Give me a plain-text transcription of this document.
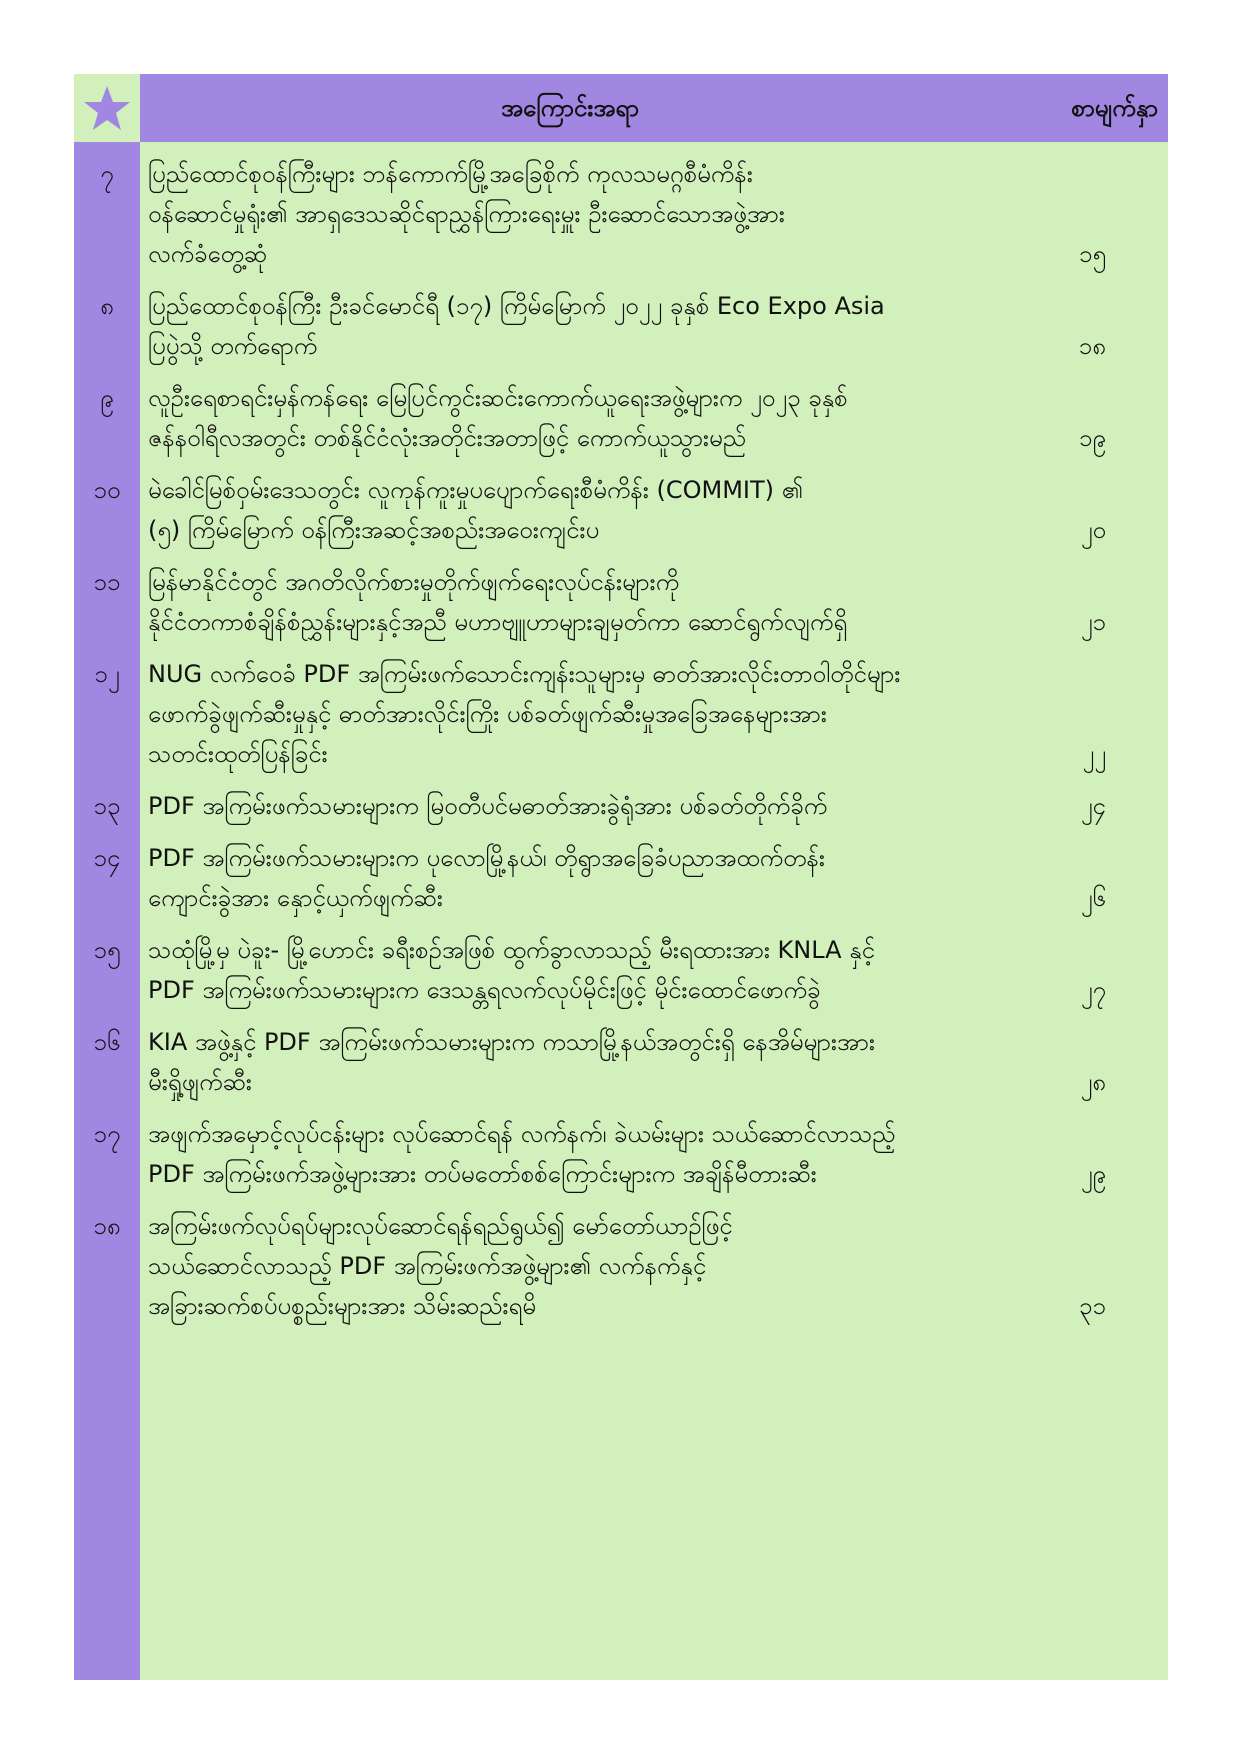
အကြောင်းအရာ	စာမျက်နှာ
၇	ပြည်ထောင်စုဝန်ကြီးများ ဘန်ကောက်မြို့အခြေစိုက် ကုလသမဂ္ဂစီမံကိန်း
ဝန်ဆောင်မှုရုံး၏ အာရှဒေသဆိုင်ရာညွှန်ကြားရေးမှူး ဦးဆောင်သောအဖွဲ့အား
လက်ခံတွေ့ဆုံ	၁၅
၈	ပြည်ထောင်စုဝန်ကြီး ဦးခင်မောင်ရီ (၁၇) ကြိမ်မြောက် ၂၀၂၂ ခုနှစ် Eco Expo Asia
ပြပွဲသို့ တက်ရောက်	၁၈
၉	လူဦးရေစာရင်းမှန်ကန်ရေး မြေပြင်ကွင်းဆင်းကောက်ယူရေးအဖွဲ့များက ၂၀၂၃ ခုနှစ်
ဇန်နဝါရီလအတွင်း တစ်နိုင်ငံလုံးအတိုင်းအတာဖြင့် ကောက်ယူသွားမည်	၁၉
၁၀	မဲခေါင်မြစ်ဝှမ်းဒေသတွင်း လူကုန်ကူးမှုပပျောက်ရေးစီမံကိန်း (COMMIT) ၏
(၅) ကြိမ်မြောက် ဝန်ကြီးအဆင့်အစည်းအဝေးကျင်းပ	၂၀
၁၁	မြန်မာနိုင်ငံတွင် အဂတိလိုက်စားမှုတိုက်ဖျက်ရေးလုပ်ငန်းများကို
နိုင်ငံတကာစံချိန်စံညွှန်းများနှင့်အညီ မဟာဗျူဟာများချမှတ်ကာ ဆောင်ရွက်လျက်ရှိ	၂၁
၁၂	NUG လက်ဝေခံ PDF အကြမ်းဖက်သောင်းကျန်းသူများမှ ဓာတ်အားလိုင်းတာဝါတိုင်များ
ဖောက်ခွဲဖျက်ဆီးမှုနှင့် ဓာတ်အားလိုင်းကြိုး ပစ်ခတ်ဖျက်ဆီးမှုအခြေအနေများအား
သတင်းထုတ်ပြန်ခြင်း	၂၂
၁၃	PDF အကြမ်းဖက်သမားများက မြဝတီပင်မဓာတ်အားခွဲရုံအား ပစ်ခတ်တိုက်ခိုက်	၂၄
၁၄	PDF အကြမ်းဖက်သမားများက ပုလောမြို့နယ်၊ တိုရွာအခြေခံပညာအထက်တန်း
ကျောင်းခွဲအား နှောင့်ယှက်ဖျက်ဆီး	၂၆
၁၅	သထုံမြို့မှ ပဲခူး- မြို့ဟောင်း ခရီးစဉ်အဖြစ် ထွက်ခွာလာသည့် မီးရထားအား KNLA နှင့်
PDF အကြမ်းဖက်သမားများက ဒေသန္တရလက်လုပ်မိုင်းဖြင့် မိုင်းထောင်ဖောက်ခွဲ	၂၇
၁၆	KIA အဖွဲ့နှင့် PDF အကြမ်းဖက်သမားများက ကသာမြို့နယ်အတွင်းရှိ နေအိမ်များအား
မီးရှို့ဖျက်ဆီး	၂၈
၁၇	အဖျက်အမှောင့်လုပ်ငန်းများ လုပ်ဆောင်ရန် လက်နက်၊ ခဲယမ်းများ သယ်ဆောင်လာသည့်
PDF အကြမ်းဖက်အဖွဲ့များအား တပ်မတော်စစ်ကြောင်းများက အချိန်မီတားဆီး	၂၉
၁၈	အကြမ်းဖက်လုပ်ရပ်များလုပ်ဆောင်ရန်ရည်ရွယ်၍ မော်တော်ယာဉ်ဖြင့်
သယ်ဆောင်လာသည့် PDF အကြမ်းဖက်အဖွဲ့များ၏ လက်နက်နှင့်
အခြားဆက်စပ်ပစ္စည်းများအား သိမ်းဆည်းရမိ	၃၁
